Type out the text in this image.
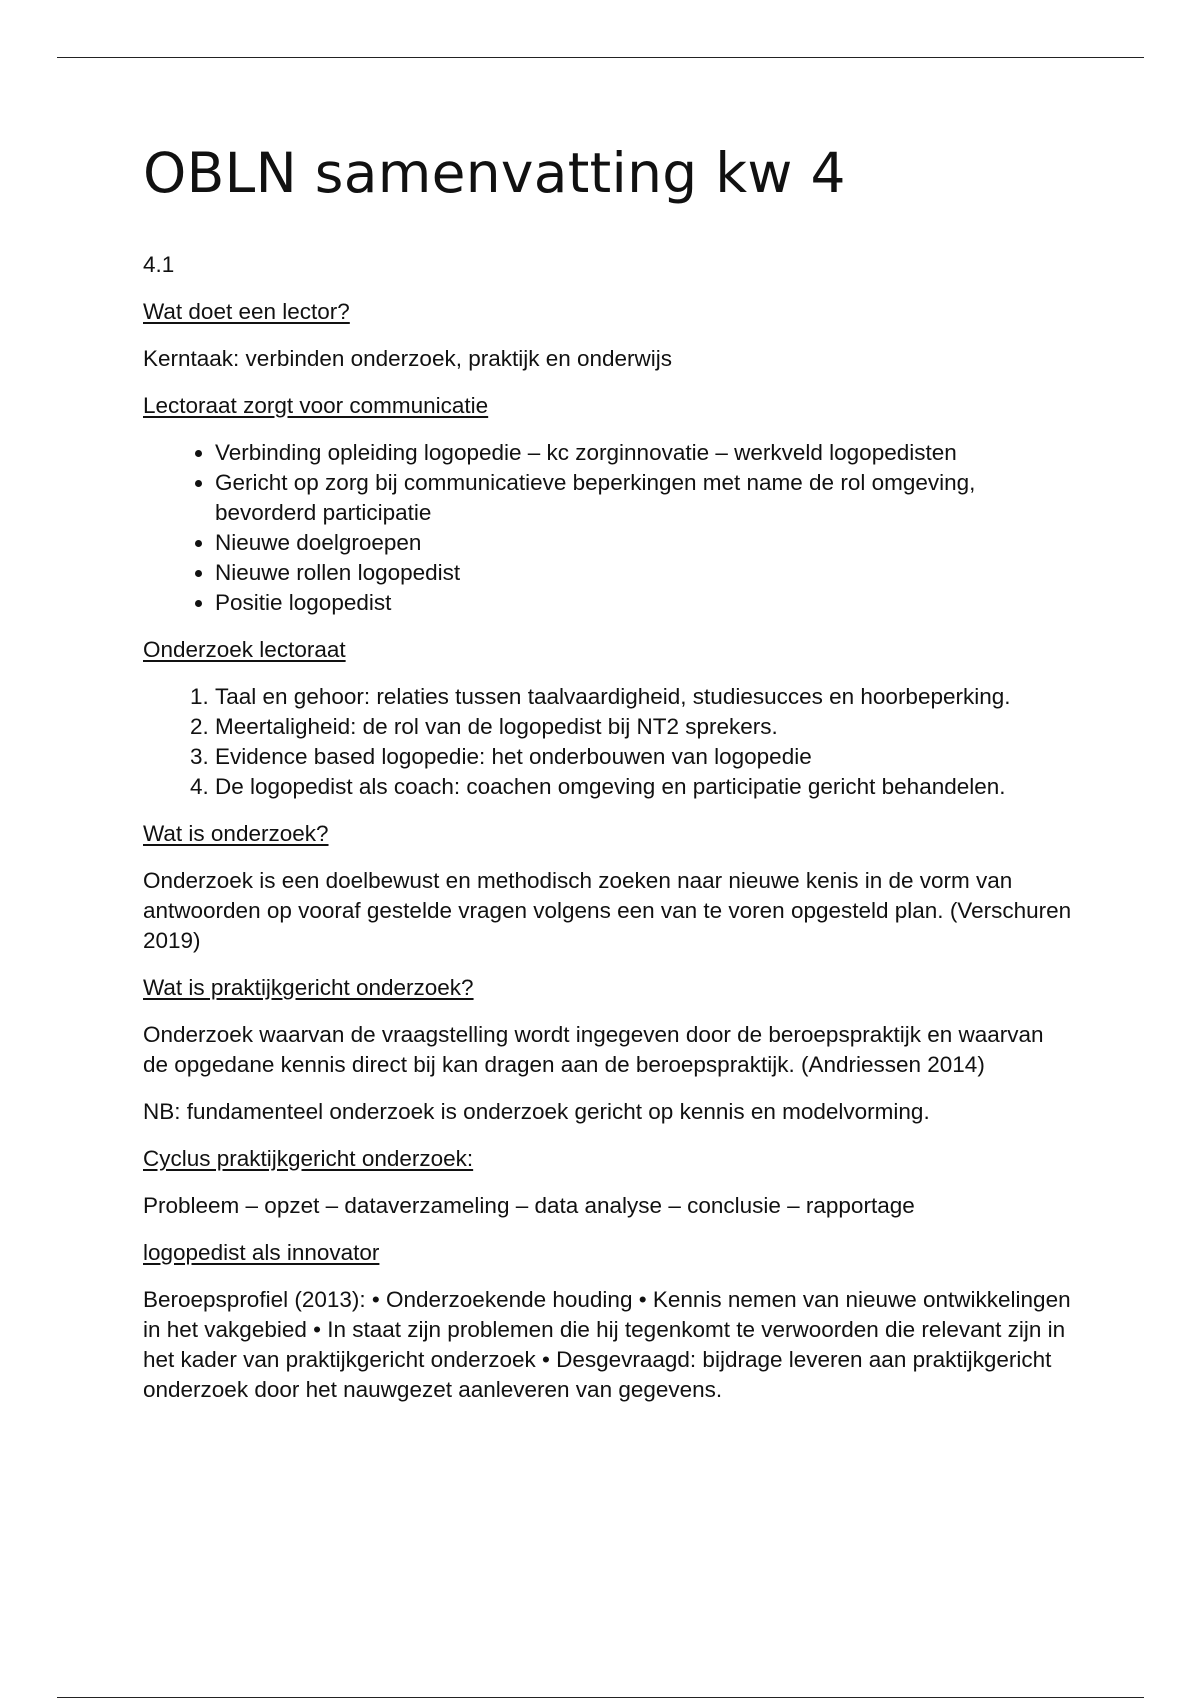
OBLN samenvatting kw 4

4.1

Wat doet een lector?

Kerntaak: verbinden onderzoek, praktijk en onderwijs

Lectoraat zorgt voor communicatie

• Verbinding opleiding logopedie – kc zorginnovatie – werkveld logopedisten
• Gericht op zorg bij communicatieve beperkingen met name de rol omgeving, bevorderd participatie
• Nieuwe doelgroepen
• Nieuwe rollen logopedist
• Positie logopedist

Onderzoek lectoraat

1. Taal en gehoor: relaties tussen taalvaardigheid, studiesucces en hoorbeperking.
2. Meertaligheid: de rol van de logopedist bij NT2 sprekers.
3. Evidence based logopedie: het onderbouwen van logopedie
4. De logopedist als coach: coachen omgeving en participatie gericht behandelen.

Wat is onderzoek?

Onderzoek is een doelbewust en methodisch zoeken naar nieuwe kenis in de vorm van antwoorden op vooraf gestelde vragen volgens een van te voren opgesteld plan. (Verschuren 2019)

Wat is praktijkgericht onderzoek?

Onderzoek waarvan de vraagstelling wordt ingegeven door de beroepspraktijk en waarvan de opgedane kennis direct bij kan dragen aan de beroepspraktijk. (Andriessen 2014)

NB: fundamenteel onderzoek is onderzoek gericht op kennis en modelvorming.

Cyclus praktijkgericht onderzoek:

Probleem – opzet – dataverzameling – data analyse – conclusie – rapportage

logopedist als innovator

Beroepsprofiel (2013): • Onderzoekende houding • Kennis nemen van nieuwe ontwikkelingen in het vakgebied • In staat zijn problemen die hij tegenkomt te verwoorden die relevant zijn in het kader van praktijkgericht onderzoek • Desgevraagd: bijdrage leveren aan praktijkgericht onderzoek door het nauwgezet aanleveren van gegevens.
